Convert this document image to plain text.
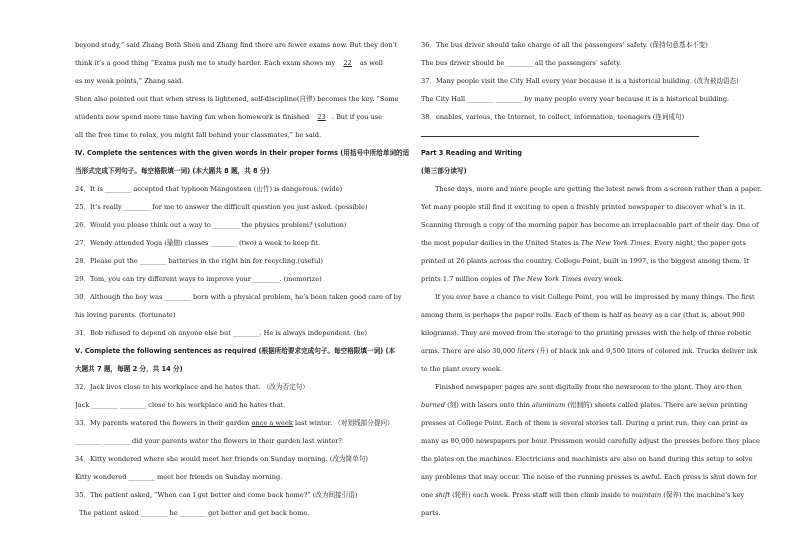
beyond study,” said Zhang Both Shen and Zhang find there are fewer exams now. But they don’t
think it’s a good thing “Exams push me to study harder. Each exam shows my 22 as well
as my weak points,” Zhang said.
Shen also pointed out that when stress is lightened, self-discipline(自律) becomes the key. “Some
students now spend more time having fun when homework is finished 23 . But if you use
all the free time to relax, you might fall behind your classmates,” he said.
Ⅳ. Complete the sentences with the given words in their proper forms (用括号中所给单词的适
当形式完成下列句子。每空格限填一词) (本大题共 8 题，共 8 分)
24．It is ________ accepted that typhoon Mangosteen (山竹) is dangerous. (wide)
25．It’s really ________ for me to answer the difficult question you just asked. (possible)
26．Would you please think out a way to ________ the physics problem? (solution)
27．Wendy attended Yoga (瑜伽) classes ________ (two) a week to keep fit.
28．Please put the ________ batteries in the right bin for recycling.(useful)
29．Tom, you can try different ways to improve your ________. (memorize)
30．Although the boy was ________ born with a physical problem, he’s been taken good care of by
his loving parents. (fortunate)
31．Bob refused to depend on anyone else but ________. He is always independent. (he)
Ⅴ. Complete the following sentences as required (根据所给要求完成句子。每空格限填一词) (本
大题共 7 题，每题 2 分，共 14 分)
32．Jack lives close to his workplace and he hates that. （改为否定句）
Jack ________ ________ close to his workplace and he hates that.
33．My parents watered the flowers in their garden once a week last winter. （对划线部分提问）
________ ________ did your parents water the flowers in their garden last winter?
34．Kitty wondered where she would meet her friends on Sunday morning. (改为简单句)
Kitty wondered ________ meet her friends on Sunday morning.
35．The patient asked, “When can I get better and come back home?” (改为间接引语)
The patient asked ________ he ________ get better and get back home.
36．The bus driver should take charge of all the passengers’ safety. (保持句意基本不变)
The bus driver should be ________ all the passengers’ safety.
37．Many people visit the City Hall every year because it is a historical building. (改为被动语态)
The City Hall ________ ________ by many people every year because it is a historical building.
38．enables, various, the Internet, to collect, information, teenagers (连词成句)
Part 3 Reading and Writing
(第三部分读写)
These days, more and more people are getting the latest news from a screen rather than a paper.
Yet many people still find it exciting to open a freshly printed newspaper to discover what’s in it.
Scanning through a copy of the morning paper has become an irreplaceable part of their day. One of
the most popular dailies in the United States is The New York Times. Every night, the paper gets
printed at 26 plants across the country. College Point, built in 1997, is the biggest among them. It
prints 1.7 million copies of The New York Times every week.
If you ever have a chance to visit College Point, you will be impressed by many things. The first
among them is perhaps the paper rolls. Each of them is half as heavy as a car (that is, about 900
kilograms). They are moved from the storage to the printing presses with the help of three robotic
arms. There are also 30,000 liters (升) of black ink and 9,500 liters of colored ink. Trucks deliver ink
to the plant every week.
Finished newspaper pages are sent digitally from the newsroom to the plant. They are then
burned (刻) with lasers onto thin aluminum (铝制的) sheets called plates. There are seven printing
presses at College Point. Each of them is several stories tall. During a print run, they can print as
many as 80,000 newspapers per hour. Pressmen would carefully adjust the presses before they place
the plates on the machines. Electricians and machinists are also on hand during this setup to solve
any problems that may occur. The noise of the running presses is awful. Each press is shut down for
one shift (轮班) each week. Press staff will then climb inside to maintain (保养) the machine’s key
parts.
